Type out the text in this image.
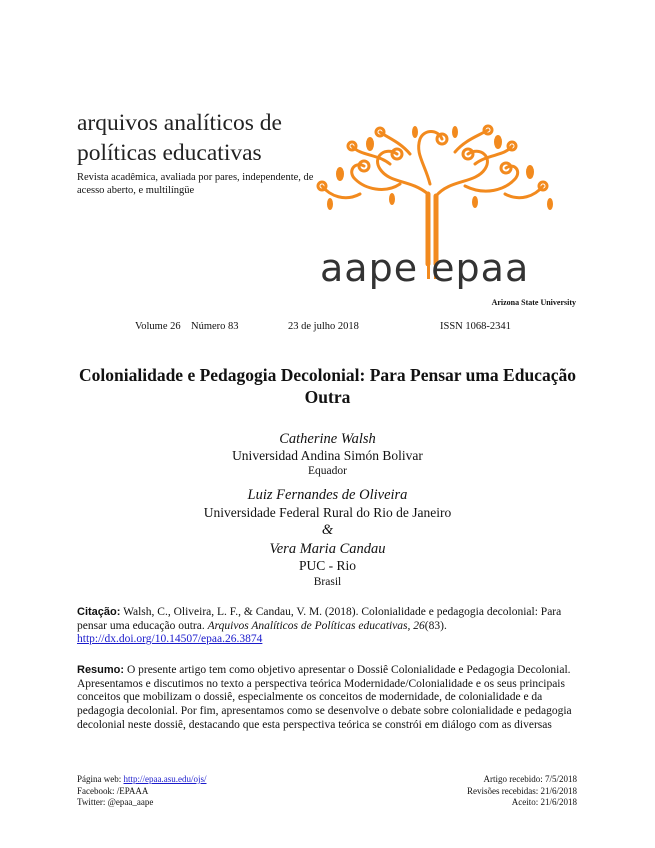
arquivos analíticos de políticas educativas
Revista acadêmica, avaliada por pares, independente, de acesso aberto, e multilíngüe
aape epaa
Arizona State University
Volume 26 Número 83	23 de julho 2018	ISSN 1068-2341
Colonialidade e Pedagogia Decolonial: Para Pensar uma Educação Outra
Catherine Walsh
Universidad Andina Simón Bolivar
Equador
Luiz Fernandes de Oliveira
Universidade Federal Rural do Rio de Janeiro
&
Vera Maria Candau
PUC - Rio
Brasil
Citação: Walsh, C., Oliveira, L. F., & Candau, V. M. (2018). Colonialidade e pedagogia decolonial: Para pensar uma educação outra. Arquivos Analíticos de Políticas educativas, 26(83). http://dx.doi.org/10.14507/epaa.26.3874
Resumo: O presente artigo tem como objetivo apresentar o Dossiê Colonialidade e Pedagogia Decolonial. Apresentamos e discutimos no texto a perspectiva teórica Modernidade/Colonialidade e os seus principais conceitos que mobilizam o dossiê, especialmente os conceitos de modernidade, de colonialidade e da pedagogia decolonial. Por fim, apresentamos como se desenvolve o debate sobre colonialidade e pedagogia decolonial neste dossiê, destacando que esta perspectiva teórica se constrói em diálogo com as diversas
Página web: http://epaa.asu.edu/ojs/
Facebook: /EPAAA
Twitter: @epaa_aape
Artigo recebido: 7/5/2018
Revisões recebidas: 21/6/2018
Aceito: 21/6/2018
